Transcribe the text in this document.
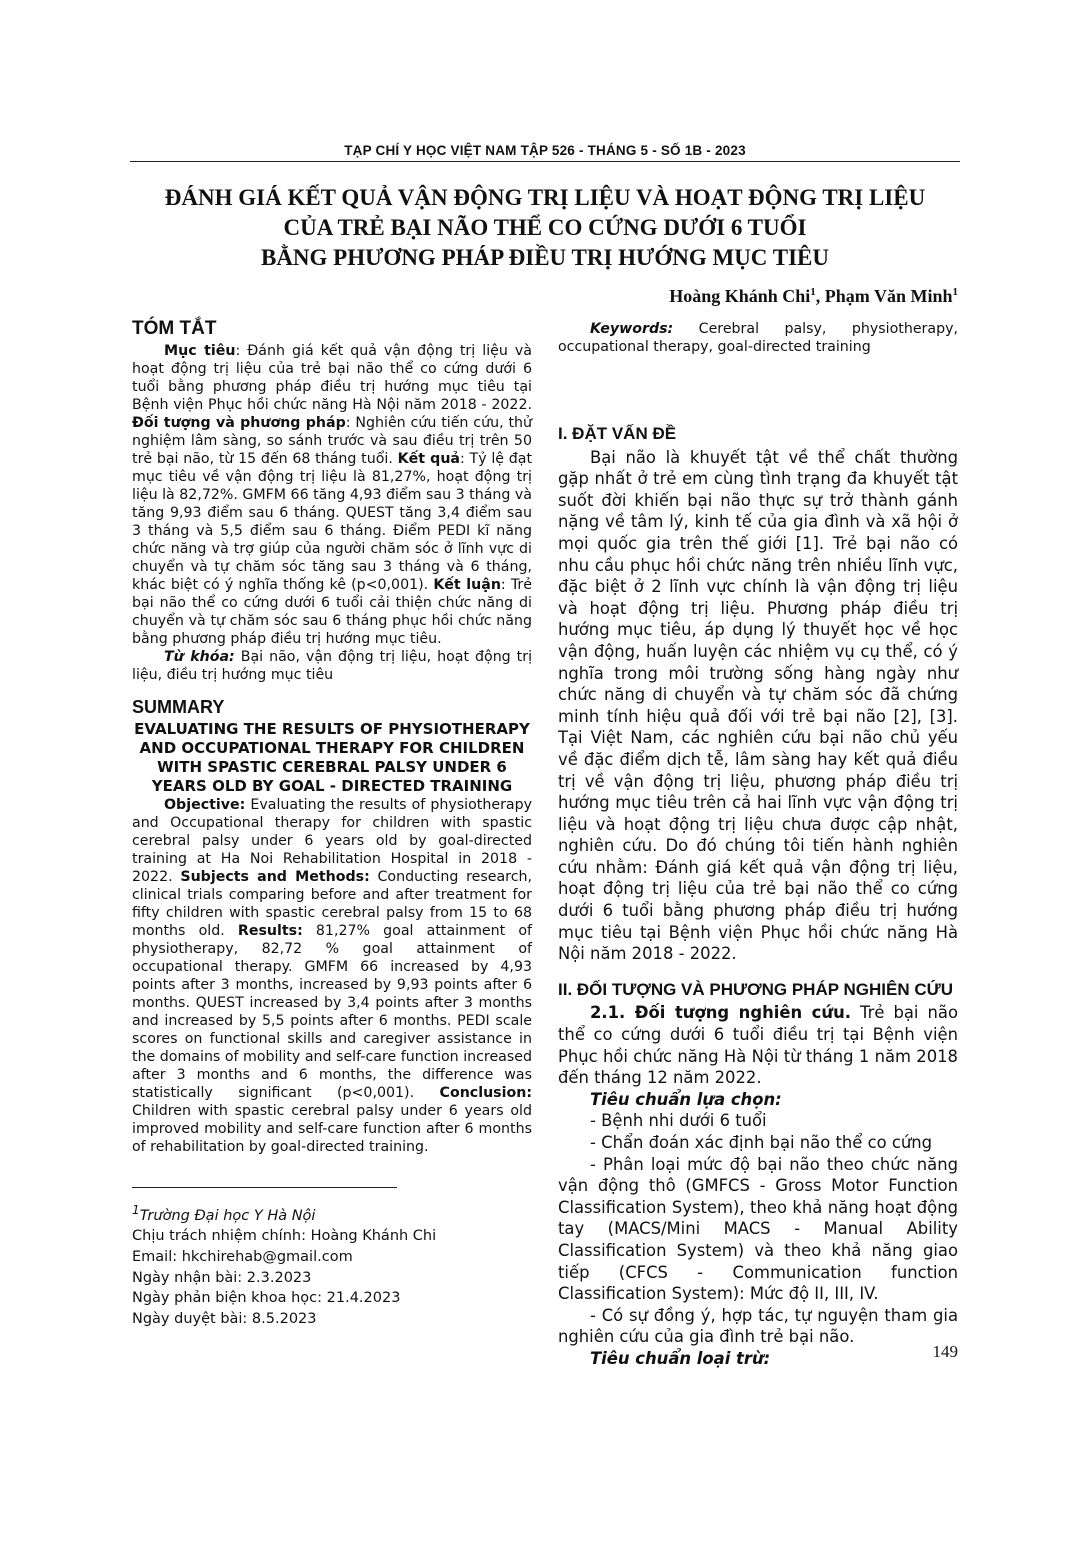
TẠP CHÍ Y HỌC VIỆT NAM TẬP 526 - THÁNG 5 - SỐ 1B - 2023
ĐÁNH GIÁ KẾT QUẢ VẬN ĐỘNG TRỊ LIỆU VÀ HOẠT ĐỘNG TRỊ LIỆU
CỦA TRẺ BẠI NÃO THỂ CO CỨNG DƯỚI 6 TUỔI
BẰNG PHƯƠNG PHÁP ĐIỀU TRỊ HƯỚNG MỤC TIÊU
Hoàng Khánh Chi$^1$, Phạm Văn Minh$^1$
TÓM TẮT

Mục tiêu: Đánh giá kết quả vận động trị liệu và hoạt động trị liệu của trẻ bại não thể co cứng dưới 6 tuổi bằng phương pháp điều trị hướng mục tiêu tại Bệnh viện Phục hồi chức năng Hà Nội năm 2018 - 2022. Đối tượng và phương pháp: Nghiên cứu tiến cứu, thử nghiệm lâm sàng, so sánh trước và sau điều trị trên 50 trẻ bại não, từ 15 đến 68 tháng tuổi. Kết quả: Tỷ lệ đạt mục tiêu về vận động trị liệu là 81,27%, hoạt động trị liệu là 82,72%. GMFM 66 tăng 4,93 điểm sau 3 tháng và tăng 9,93 điểm sau 6 tháng. QUEST tăng 3,4 điểm sau 3 tháng và 5,5 điểm sau 6 tháng. Điểm PEDI kĩ năng chức năng và trợ giúp của người chăm sóc ở lĩnh vực di chuyển và tự chăm sóc tăng sau 3 tháng và 6 tháng, khác biệt có ý nghĩa thống kê (p<0,001). Kết luận: Trẻ bại não thể co cứng dưới 6 tuổi cải thiện chức năng di chuyển và tự chăm sóc sau 6 tháng phục hồi chức năng bằng phương pháp điều trị hướng mục tiêu.

Từ khóa: Bại não, vận động trị liệu, hoạt động trị liệu, điều trị hướng mục tiêu

SUMMARY
EVALUATING THE RESULTS OF PHYSIOTHERAPY AND OCCUPATIONAL THERAPY FOR CHILDREN WITH SPASTIC CEREBRAL PALSY UNDER 6 YEARS OLD BY GOAL - DIRECTED TRAINING

Objective: Evaluating the results of physiotherapy and Occupational therapy for children with spastic cerebral palsy under 6 years old by goal-directed training at Ha Noi Rehabilitation Hospital in 2018 - 2022. Subjects and Methods: Conducting research, clinical trials comparing before and after treatment for fifty children with spastic cerebral palsy from 15 to 68 months old. Results: 81,27% goal attainment of physiotherapy, 82,72 % goal attainment of occupational therapy. GMFM 66 increased by 4,93 points after 3 months, increased by 9,93 points after 6 months. QUEST increased by 3,4 points after 3 months and increased by 5,5 points after 6 months. PEDI scale scores on functional skills and caregiver assistance in the domains of mobility and self-care function increased after 3 months and 6 months, the difference was statistically significant (p<0,001). Conclusion: Children with spastic cerebral palsy under 6 years old improved mobility and self-care function after 6 months of rehabilitation by goal-directed training.

$^1$Trường Đại học Y Hà Nội
Chịu trách nhiệm chính: Hoàng Khánh Chi
Email: hkchirehab@gmail.com
Ngày nhận bài: 2.3.2023
Ngày phản biện khoa học: 21.4.2023
Ngày duyệt bài: 8.5.2023

Keywords: Cerebral palsy, physiotherapy, occupational therapy, goal-directed training

I. ĐẶT VẤN ĐỀ

Bại não là khuyết tật về thể chất thường gặp nhất ở trẻ em cùng tình trạng đa khuyết tật suốt đời khiến bại não thực sự trở thành gánh nặng về tâm lý, kinh tế của gia đình và xã hội ở mọi quốc gia trên thế giới [1]. Trẻ bại não có nhu cầu phục hồi chức năng trên nhiều lĩnh vực, đặc biệt ở 2 lĩnh vực chính là vận động trị liệu và hoạt động trị liệu. Phương pháp điều trị hướng mục tiêu, áp dụng lý thuyết học về học vận động, huấn luyện các nhiệm vụ cụ thể, có ý nghĩa trong môi trường sống hàng ngày như chức năng di chuyển và tự chăm sóc đã chứng minh tính hiệu quả đối với trẻ bại não [2], [3]. Tại Việt Nam, các nghiên cứu bại não chủ yếu về đặc điểm dịch tễ, lâm sàng hay kết quả điều trị về vận động trị liệu, phương pháp điều trị hướng mục tiêu trên cả hai lĩnh vực vận động trị liệu và hoạt động trị liệu chưa được cập nhật, nghiên cứu. Do đó chúng tôi tiến hành nghiên cứu nhằm: Đánh giá kết quả vận động trị liệu, hoạt động trị liệu của trẻ bại não thể co cứng dưới 6 tuổi bằng phương pháp điều trị hướng mục tiêu tại Bệnh viện Phục hồi chức năng Hà Nội năm 2018 - 2022.

II. ĐỐI TƯỢNG VÀ PHƯƠNG PHÁP NGHIÊN CỨU

2.1. Đối tượng nghiên cứu. Trẻ bại não thể co cứng dưới 6 tuổi điều trị tại Bệnh viện Phục hồi chức năng Hà Nội từ tháng 1 năm 2018 đến tháng 12 năm 2022.

Tiêu chuẩn lựa chọn:

- Bệnh nhi dưới 6 tuổi

- Chẩn đoán xác định bại não thể co cứng

- Phân loại mức độ bại não theo chức năng vận động thô (GMFCS - Gross Motor Function Classification System), theo khả năng hoạt động tay (MACS/Mini MACS - Manual Ability Classification System) và theo khả năng giao tiếp (CFCS - Communication function Classification System): Mức độ II, III, IV.

- Có sự đồng ý, hợp tác, tự nguyện tham gia nghiên cứu của gia đình trẻ bại não.

Tiêu chuẩn loại trừ:	149
